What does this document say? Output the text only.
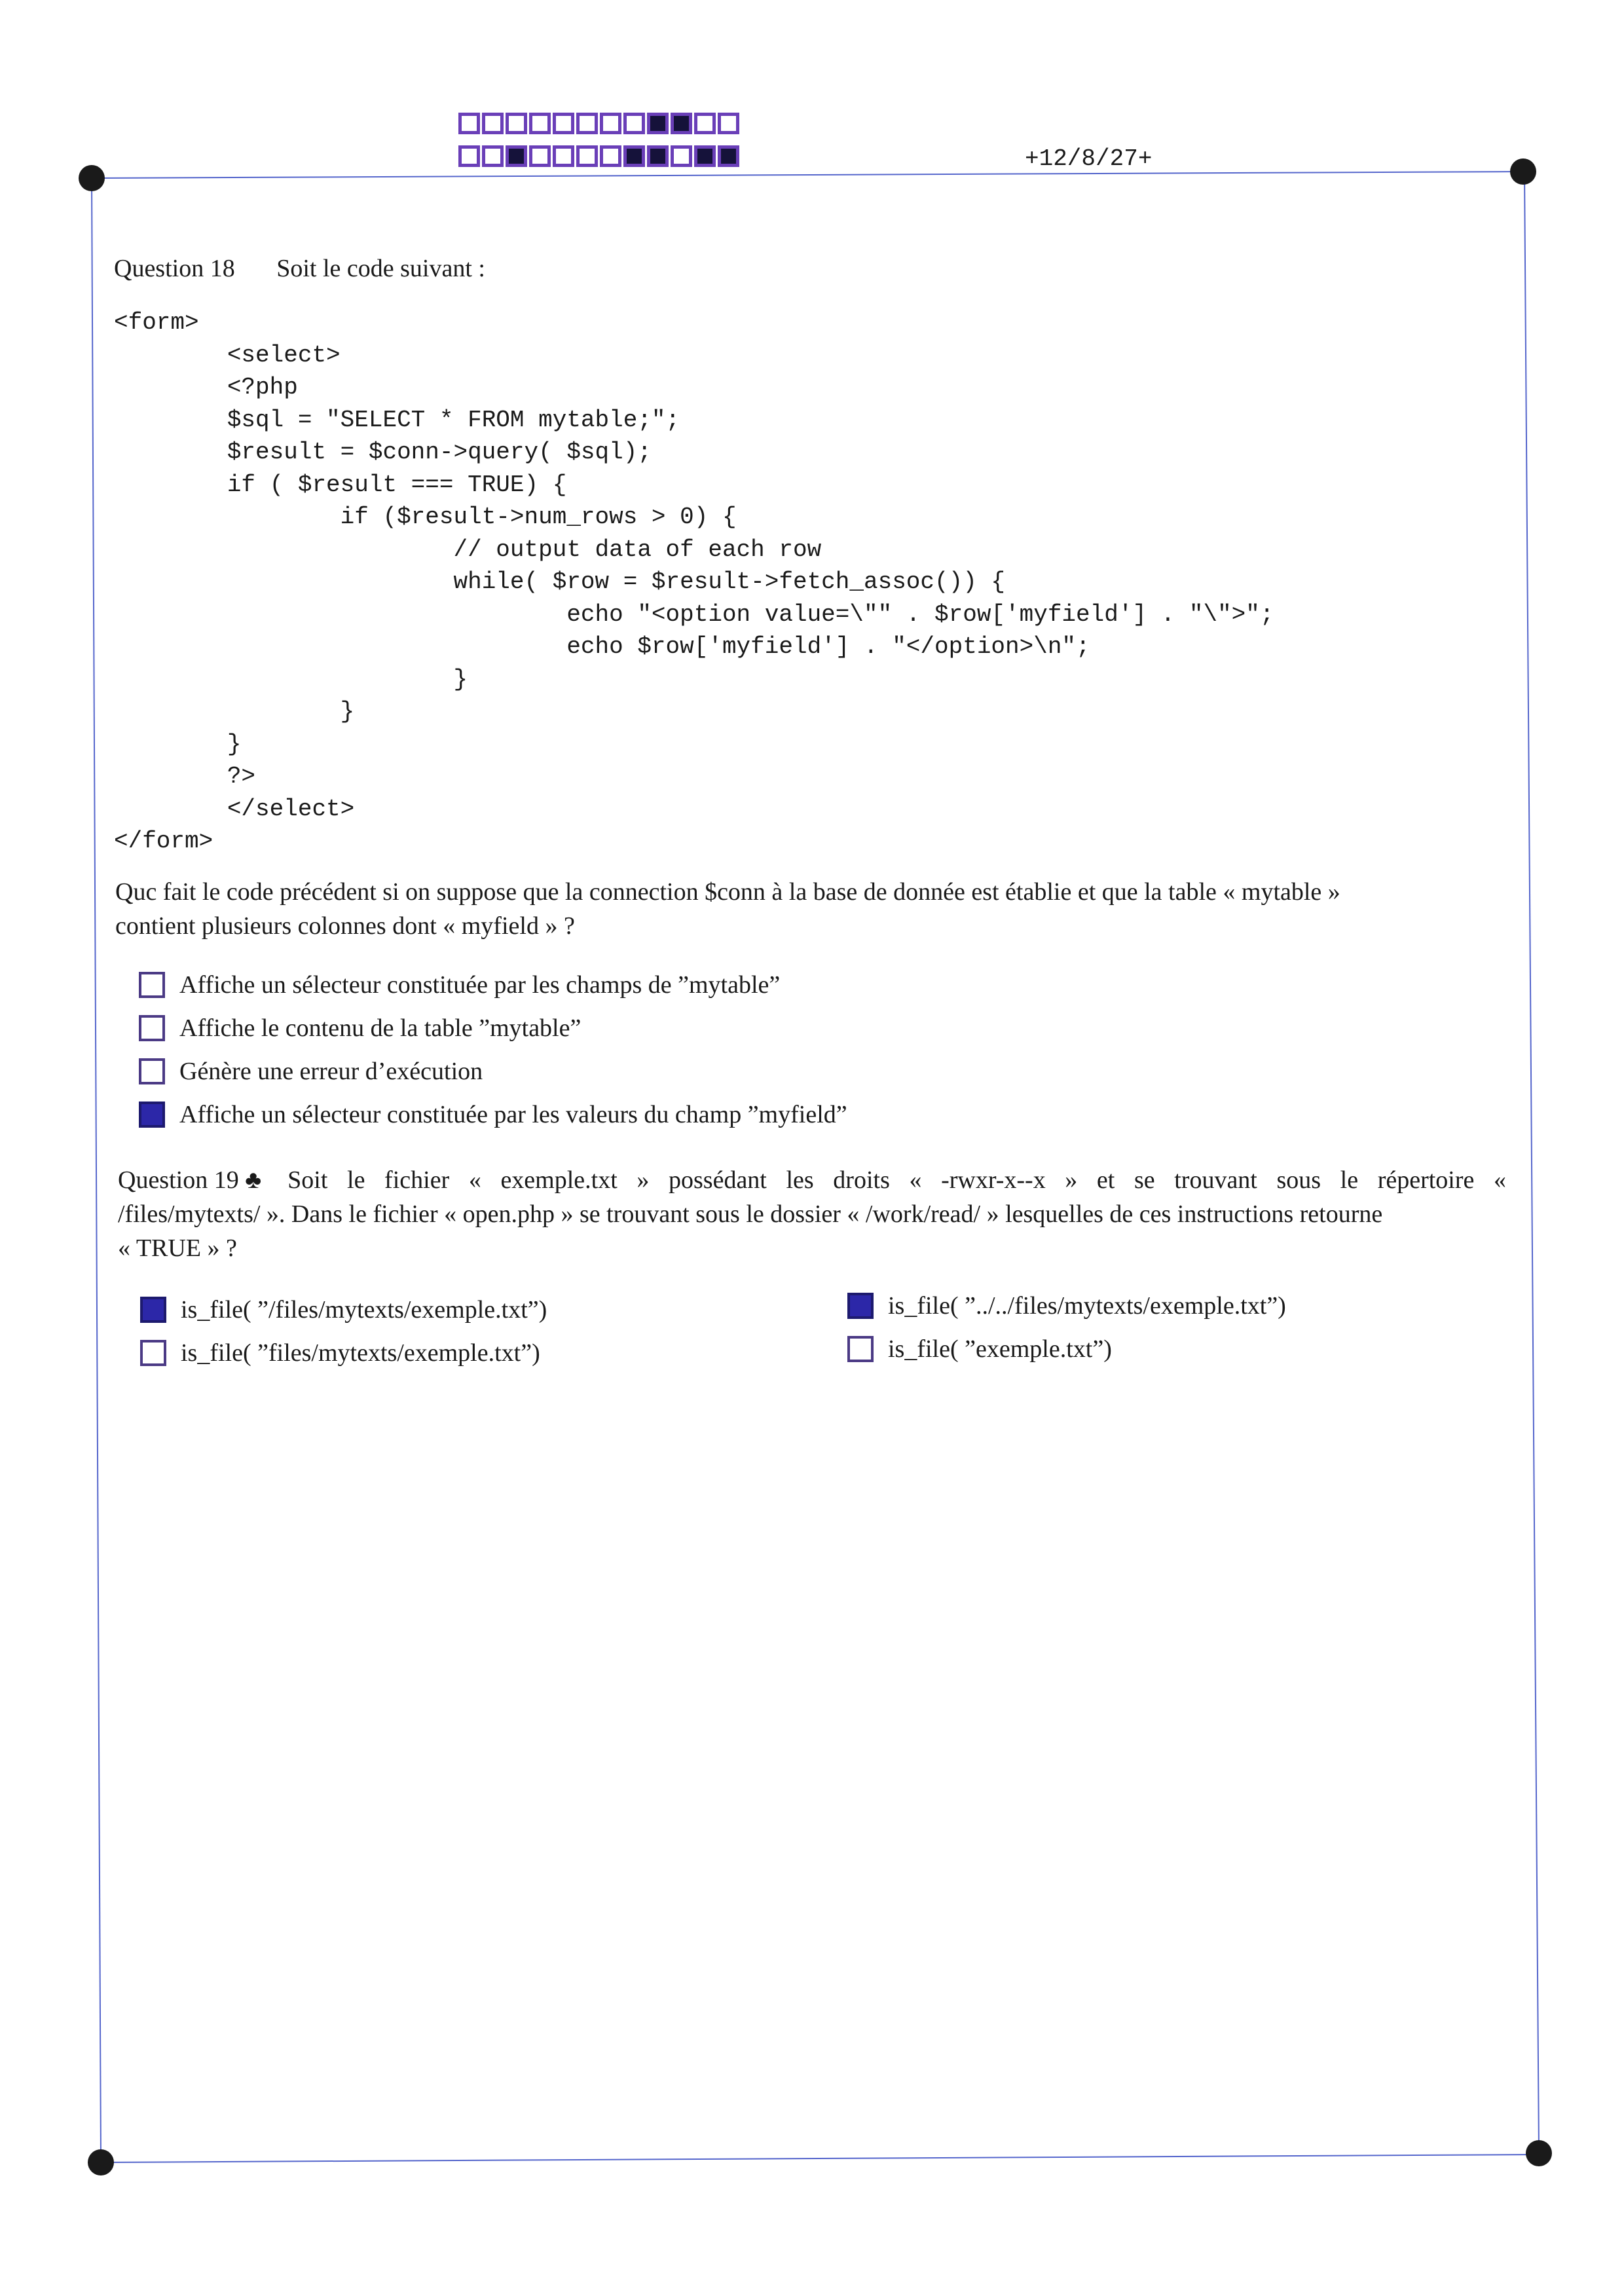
+12/8/27+
Question 18 Soit le code suivant :
<form>
<select>
<?php
$sql = "SELECT * FROM mytable;";
$result = $conn->query( $sql);
if ( $result === TRUE) {
if ($result->num_rows > 0) {
// output data of each row
while( $row = $result->fetch_assoc()) {
echo "<option value=\"" . $row['myfield'] . "\">";
echo $row['myfield'] . "</option>\n";
}
}
}
?>
</select>
</form>
Quc fait le code précédent si on suppose que la connection $conn à la base de donnée est établie et que la table « mytable »
contient plusieurs colonnes dont « myfield » ?
Affiche un sélecteur constituée par les champs de ”mytable”
Affiche le contenu de la table ”mytable”
Génère une erreur d’exécution
Affiche un sélecteur constituée par les valeurs du champ ”myfield”
Question 19 ♣ Soit le fichier « exemple.txt » possédant les droits « -rwxr-x--x » et se trouvant sous le répertoire «
/files/mytexts/ ». Dans le fichier « open.php » se trouvant sous le dossier « /work/read/ » lesquelles de ces instructions retourne
« TRUE » ?
is_file( ”/files/mytexts/exemple.txt”)	is_file( ”../../files/mytexts/exemple.txt”)
is_file( ”files/mytexts/exemple.txt”)	is_file( ”exemple.txt”)
